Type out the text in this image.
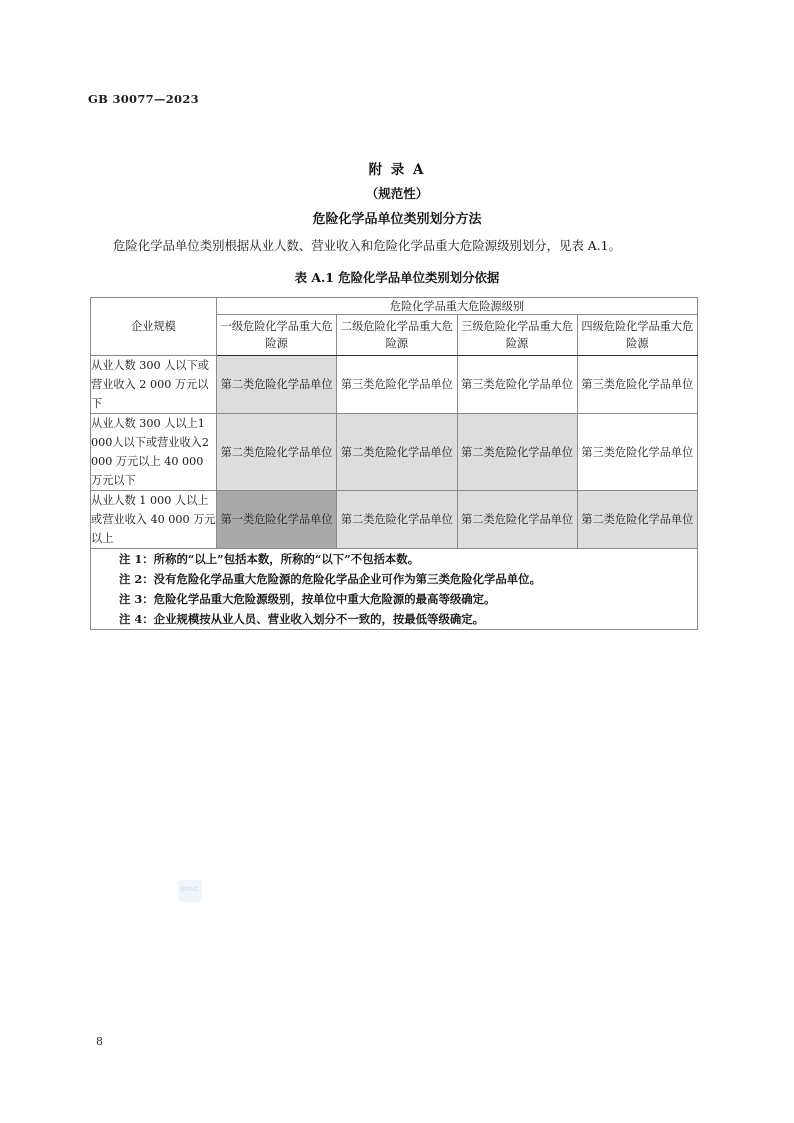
GB 30077—2023
附 录 A
（规范性）
危险化学品单位类别划分方法
危险化学品单位类别根据从业人数、营业收入和危险化学品重大危险源级别划分，见表 A.1。
表 A.1 危险化学品单位类别划分依据
企业规模	危险化学品重大危险源级别			
	一级危险化学品重大危险源	二级危险化学品重大危险源	三级危险化学品重大危险源	四级危险化学品重大危险源
从业人数 300 人以下或营业收入 2 000 万元以下	第二类危险化学品单位	第三类危险化学品单位	第三类危险化学品单位	第三类危险化学品单位
从业人数 300 人以上1 000人以下或营业收入2 000 万元以上 40 000 万元以下	第二类危险化学品单位	第二类危险化学品单位	第二类危险化学品单位	第三类危险化学品单位
从业人数 1 000 人以上或营业收入 40 000 万元以上	第一类危险化学品单位	第二类危险化学品单位	第二类危险化学品单位	第二类危险化学品单位

注 1：所称的“以上”包括本数，所称的“以下”不包括本数。
注 2：没有危险化学品重大危险源的危险化学品企业可作为第三类危险化学品单位。
注 3：危险化学品重大危险源级别，按单位中重大危险源的最高等级确定。
注 4：企业规模按从业人员、营业收入划分不一致的，按最低等级确定。				
smc
8
